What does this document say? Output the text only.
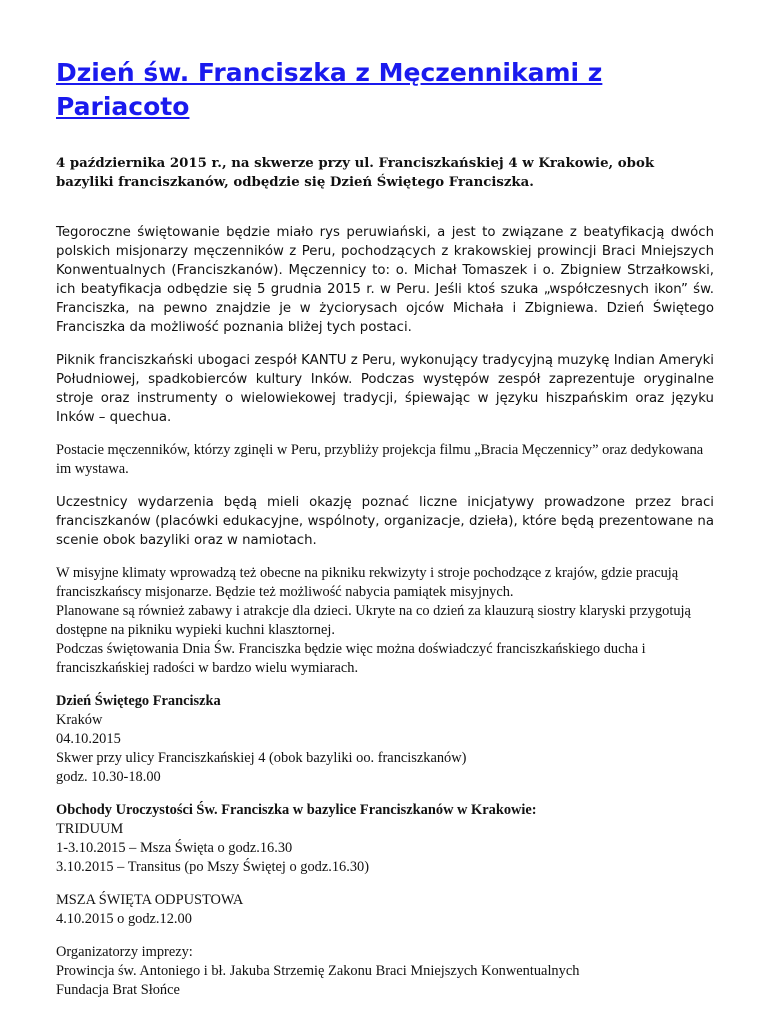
Dzień św. Franciszka z Męczennikami z Pariacoto

4 października 2015 r., na skwerze przy ul. Franciszkańskiej 4 w Krakowie, obok bazyliki franciszkanów, odbędzie się Dzień Świętego Franciszka.

Tegoroczne świętowanie będzie miało rys peruwiański, a jest to związane z beatyfikacją dwóch polskich misjonarzy męczenników z Peru, pochodzących z krakowskiej prowincji Braci Mniejszych Konwentualnych (Franciszkanów). Męczennicy to: o. Michał Tomaszek i o. Zbigniew Strzałkowski, ich beatyfikacja odbędzie się 5 grudnia 2015 r. w Peru. Jeśli ktoś szuka „współczesnych ikon” św. Franciszka, na pewno znajdzie je w życiorysach ojców Michała i Zbigniewa. Dzień Świętego Franciszka da możliwość poznania bliżej tych postaci.

Piknik franciszkański ubogaci zespół KANTU z Peru, wykonujący tradycyjną muzykę Indian Ameryki Południowej, spadkobierców kultury Inków. Podczas występów zespół zaprezentuje oryginalne stroje oraz instrumenty o wielowiekowej tradycji, śpiewając w języku hiszpańskim oraz języku Inków – quechua.

Postacie męczenników, którzy zginęli w Peru, przybliży projekcja filmu „Bracia Męczennicy” oraz dedykowana im wystawa.

Uczestnicy wydarzenia będą mieli okazję poznać liczne inicjatywy prowadzone przez braci franciszkanów (placówki edukacyjne, wspólnoty, organizacje, dzieła), które będą prezentowane na scenie obok bazyliki oraz w namiotach.

W misyjne klimaty wprowadzą też obecne na pikniku rekwizyty i stroje pochodzące z krajów, gdzie pracują franciszkańscy misjonarze. Będzie też możliwość nabycia pamiątek misyjnych.
Planowane są również zabawy i atrakcje dla dzieci. Ukryte na co dzień za klauzurą siostry klaryski przygotują dostępne na pikniku wypieki kuchni klasztornej.
Podczas świętowania Dnia Św. Franciszka będzie więc można doświadczyć franciszkańskiego ducha i franciszkańskiej radości w bardzo wielu wymiarach.
Dzień Świętego Franciszka
Kraków
04.10.2015
Skwer przy ulicy Franciszkańskiej 4 (obok bazyliki oo. franciszkanów)
godz. 10.30-18.00
Obchody Uroczystości Św. Franciszka w bazylice Franciszkanów w Krakowie:
TRIDUUM
1-3.10.2015 – Msza Święta o godz.16.30
3.10.2015 – Transitus (po Mszy Świętej o godz.16.30)
MSZA ŚWIĘTA ODPUSTOWA
4.10.2015 o godz.12.00
Organizatorzy imprezy:
Prowincja św. Antoniego i bł. Jakuba Strzemię Zakonu Braci Mniejszych Konwentualnych
Fundacja Brat Słońce
